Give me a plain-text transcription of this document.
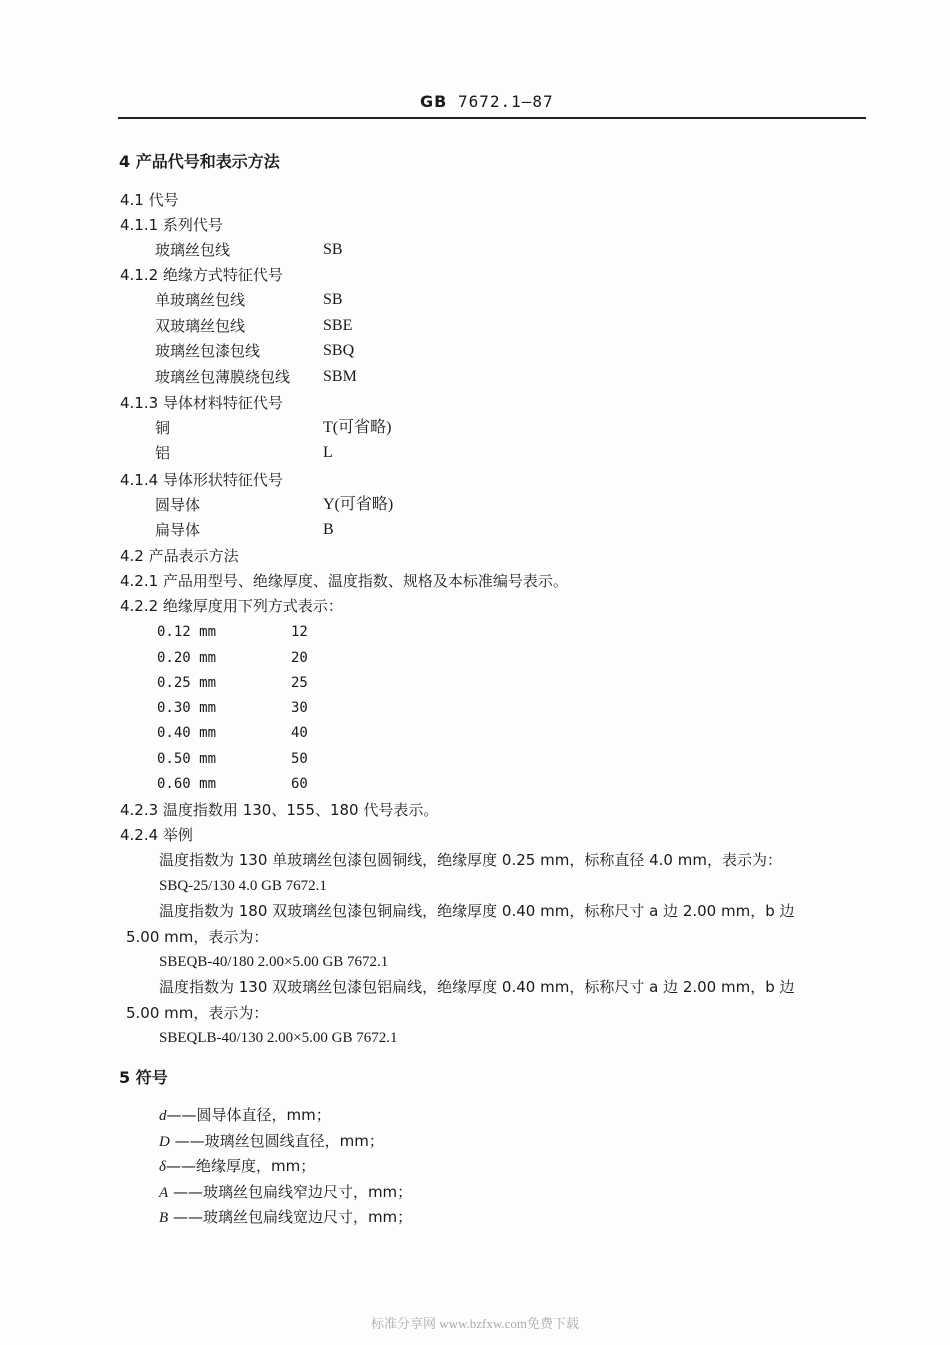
GB 7672.1—87
4 产品代号和表示方法
4.1 代号
4.1.1 系列代号
玻璃丝包线	SB
4.1.2 绝缘方式特征代号
单玻璃丝包线	SB
双玻璃丝包线	SBE
玻璃丝包漆包线	SBQ
玻璃丝包薄膜绕包线 SBM
4.1.3 导体材料特征代号
铜	T(可省略)
铝	L
4.1.4 导体形状特征代号
圆导体	Y(可省略)
扁导体	B
4.2 产品表示方法
4.2.1 产品用型号、绝缘厚度、温度指数、规格及本标准编号表示。
4.2.2 绝缘厚度用下列方式表示：
0.12 mm	12
0.20 mm	20
0.25 mm	25
0.30 mm	30
0.40 mm	40
0.50 mm	50
0.60 mm	60
4.2.3 温度指数用 130、155、180 代号表示。
4.2.4 举例
温度指数为 130 单玻璃丝包漆包圆铜线，绝缘厚度 0.25 mm，标称直径 4.0 mm，表示为：
SBQ-25/130 4.0 GB 7672.1
温度指数为 180 双玻璃丝包漆包铜扁线，绝缘厚度 0.40 mm，标称尺寸 a 边 2.00 mm，b 边
5.00 mm，表示为：
SBEQB-40/180 2.00×5.00 GB 7672.1
温度指数为 130 双玻璃丝包漆包铝扁线，绝缘厚度 0.40 mm，标称尺寸 a 边 2.00 mm，b 边
5.00 mm，表示为：
SBEQLB-40/130 2.00×5.00 GB 7672.1
5 符号
d——圆导体直径，mm；
D ——玻璃丝包圆线直径，mm；
δ——绝缘厚度，mm；
A ——玻璃丝包扁线窄边尺寸，mm；
B ——玻璃丝包扁线宽边尺寸，mm；
标准分享网 www.bzfxw.com免费下载
